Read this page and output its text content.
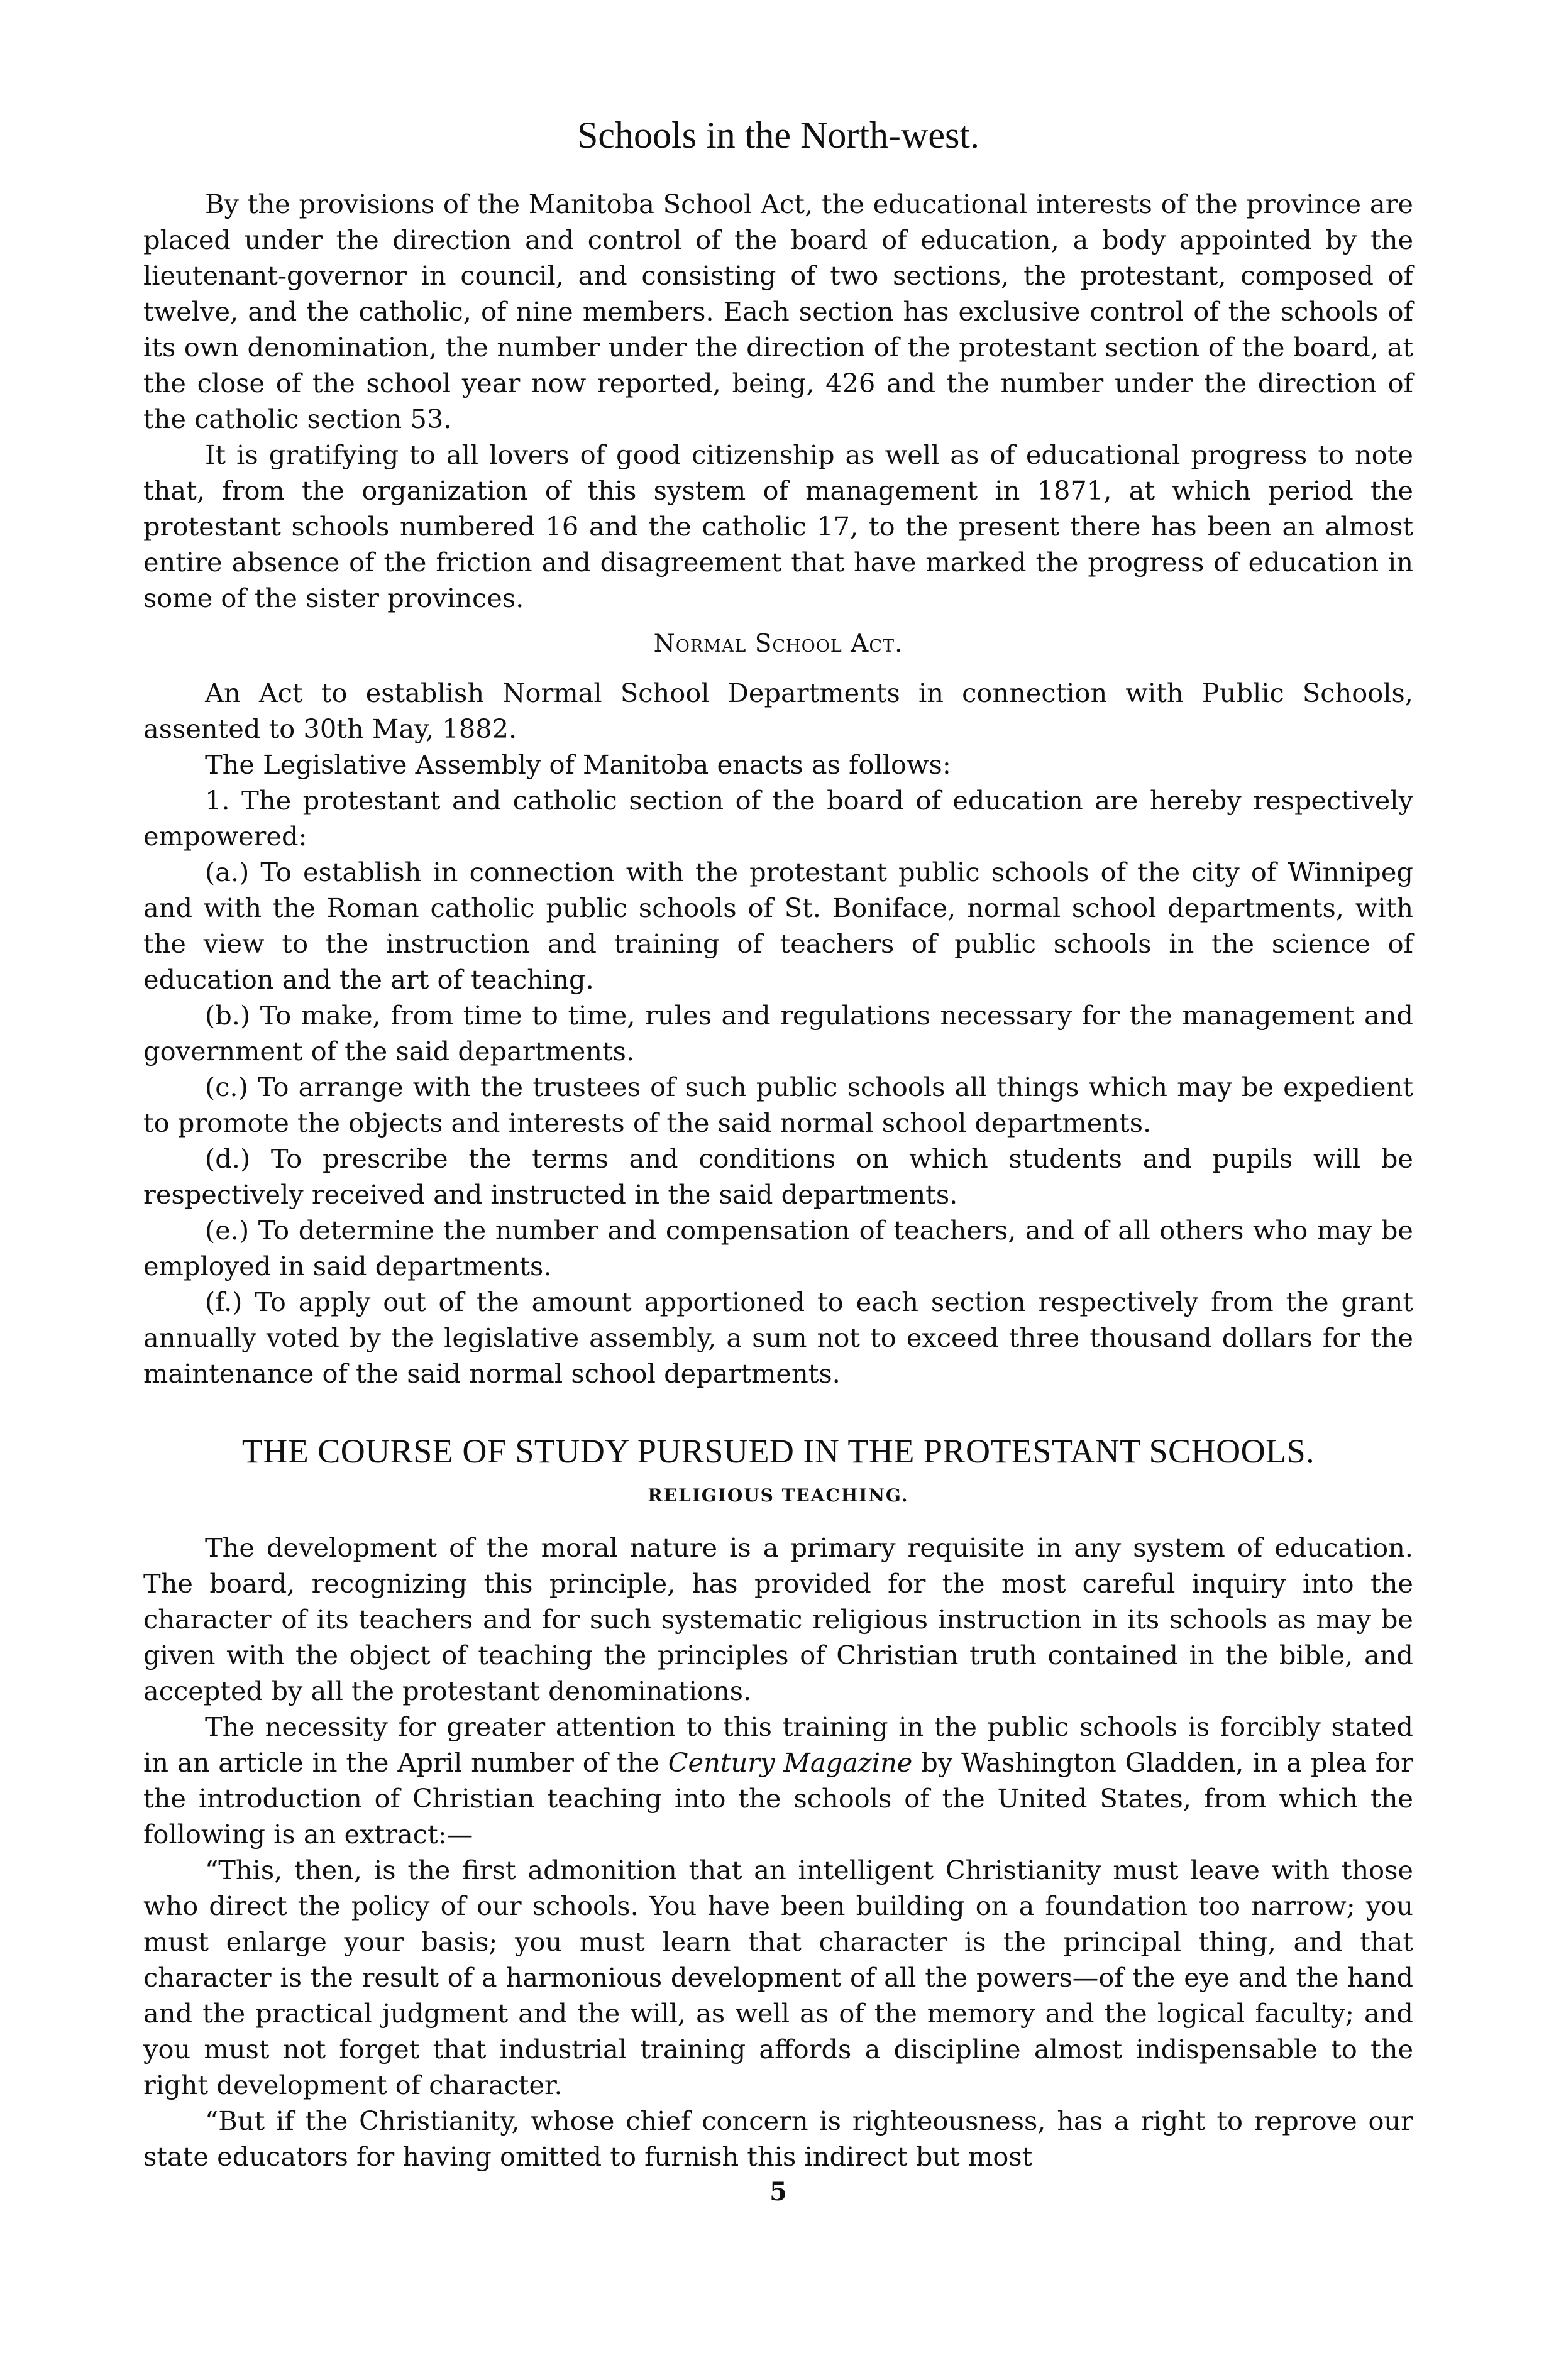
Schools in the North-west.

By the provisions of the Manitoba School Act, the educational interests of the province are placed under the direction and control of the board of education, a body appointed by the lieutenant-governor in council, and consisting of two sections, the protestant, composed of twelve, and the catholic, of nine members. Each section has exclusive control of the schools of its own denomination, the number under the direction of the protestant section of the board, at the close of the school year now reported, being, 426 and the number under the direction of the catholic section 53.

It is gratifying to all lovers of good citizenship as well as of educational progress to note that, from the organization of this system of management in 1871, at which period the protestant schools numbered 16 and the catholic 17, to the present there has been an almost entire absence of the friction and disagreement that have marked the progress of education in some of the sister provinces.

Normal School Act.

An Act to establish Normal School Departments in connection with Public Schools, assented to 30th May, 1882.

The Legislative Assembly of Manitoba enacts as follows:

1. The protestant and catholic section of the board of education are hereby respectively empowered:

(a.) To establish in connection with the protestant public schools of the city of Winnipeg and with the Roman catholic public schools of St. Boniface, normal school departments, with the view to the instruction and training of teachers of public schools in the science of education and the art of teaching.

(b.) To make, from time to time, rules and regulations necessary for the management and government of the said departments.

(c.) To arrange with the trustees of such public schools all things which may be expedient to promote the objects and interests of the said normal school departments.

(d.) To prescribe the terms and conditions on which students and pupils will be respectively received and instructed in the said departments.

(e.) To determine the number and compensation of teachers, and of all others who may be employed in said departments.

(f.) To apply out of the amount apportioned to each section respectively from the grant annually voted by the legislative assembly, a sum not to exceed three thousand dollars for the maintenance of the said normal school departments.

THE COURSE OF STUDY PURSUED IN THE PROTESTANT SCHOOLS.
RELIGIOUS TEACHING.

The development of the moral nature is a primary requisite in any system of education. The board, recognizing this principle, has provided for the most careful inquiry into the character of its teachers and for such systematic religious instruction in its schools as may be given with the object of teaching the principles of Christian truth contained in the bible, and accepted by all the protestant denominations.

The necessity for greater attention to this training in the public schools is forcibly stated in an article in the April number of the Century Magazine by Washington Gladden, in a plea for the introduction of Christian teaching into the schools of the United States, from which the following is an extract:—

“This, then, is the first admonition that an intelligent Christianity must leave with those who direct the policy of our schools. You have been building on a foundation too narrow; you must enlarge your basis; you must learn that character is the principal thing, and that character is the result of a harmonious development of all the powers—of the eye and the hand and the practical judgment and the will, as well as of the memory and the logical faculty; and you must not forget that industrial training affords a discipline almost indispensable to the right development of character.

“But if the Christianity, whose chief concern is righteousness, has a right to reprove our state educators for having omitted to furnish this indirect but most

5
